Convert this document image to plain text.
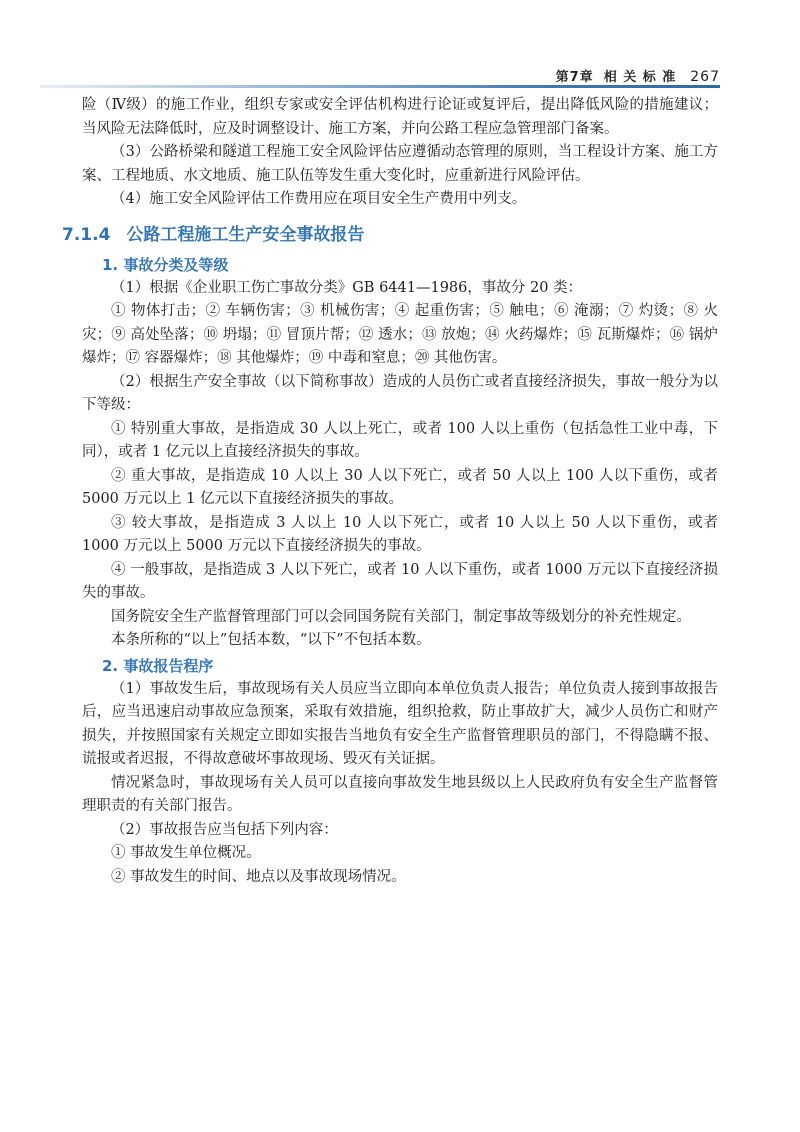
第7章 相 关 标 准 267

险（Ⅳ级）的施工作业，组织专家或安全评估机构进行论证或复评后，提出降低风险的措施建议；当风险无法降低时，应及时调整设计、施工方案，并向公路工程应急管理部门备案。

（3）公路桥梁和隧道工程施工安全风险评估应遵循动态管理的原则，当工程设计方案、施工方案、工程地质、水文地质、施工队伍等发生重大变化时，应重新进行风险评估。

（4）施工安全风险评估工作费用应在项目安全生产费用中列支。

7.1.4 公路工程施工生产安全事故报告
1. 事故分类及等级

（1）根据《企业职工伤亡事故分类》GB 6441—1986，事故分 20 类：

① 物体打击；② 车辆伤害；③ 机械伤害；④ 起重伤害；⑤ 触电；⑥ 淹溺；⑦ 灼烫；⑧ 火灾；⑨ 高处坠落；⑩ 坍塌；⑪ 冒顶片帮；⑫ 透水；⑬ 放炮；⑭ 火药爆炸；⑮ 瓦斯爆炸；⑯ 锅炉爆炸；⑰ 容器爆炸；⑱ 其他爆炸；⑲ 中毒和窒息；⑳ 其他伤害。

（2）根据生产安全事故（以下简称事故）造成的人员伤亡或者直接经济损失，事故一般分为以下等级：

① 特别重大事故，是指造成 30 人以上死亡，或者 100 人以上重伤（包括急性工业中毒，下同），或者 1 亿元以上直接经济损失的事故。

② 重大事故，是指造成 10 人以上 30 人以下死亡，或者 50 人以上 100 人以下重伤，或者 5000 万元以上 1 亿元以下直接经济损失的事故。

③ 较大事故，是指造成 3 人以上 10 人以下死亡，或者 10 人以上 50 人以下重伤，或者 1000 万元以上 5000 万元以下直接经济损失的事故。

④ 一般事故，是指造成 3 人以下死亡，或者 10 人以下重伤，或者 1000 万元以下直接经济损失的事故。

国务院安全生产监督管理部门可以会同国务院有关部门，制定事故等级划分的补充性规定。

本条所称的“以上”包括本数，“以下”不包括本数。

2. 事故报告程序

（1）事故发生后，事故现场有关人员应当立即向本单位负责人报告；单位负责人接到事故报告后，应当迅速启动事故应急预案，采取有效措施，组织抢救，防止事故扩大，减少人员伤亡和财产损失，并按照国家有关规定立即如实报告当地负有安全生产监督管理职员的部门，不得隐瞒不报、谎报或者迟报，不得故意破坏事故现场、毁灭有关证据。

情况紧急时，事故现场有关人员可以直接向事故发生地县级以上人民政府负有安全生产监督管理职责的有关部门报告。

（2）事故报告应当包括下列内容：

① 事故发生单位概况。

② 事故发生的时间、地点以及事故现场情况。
